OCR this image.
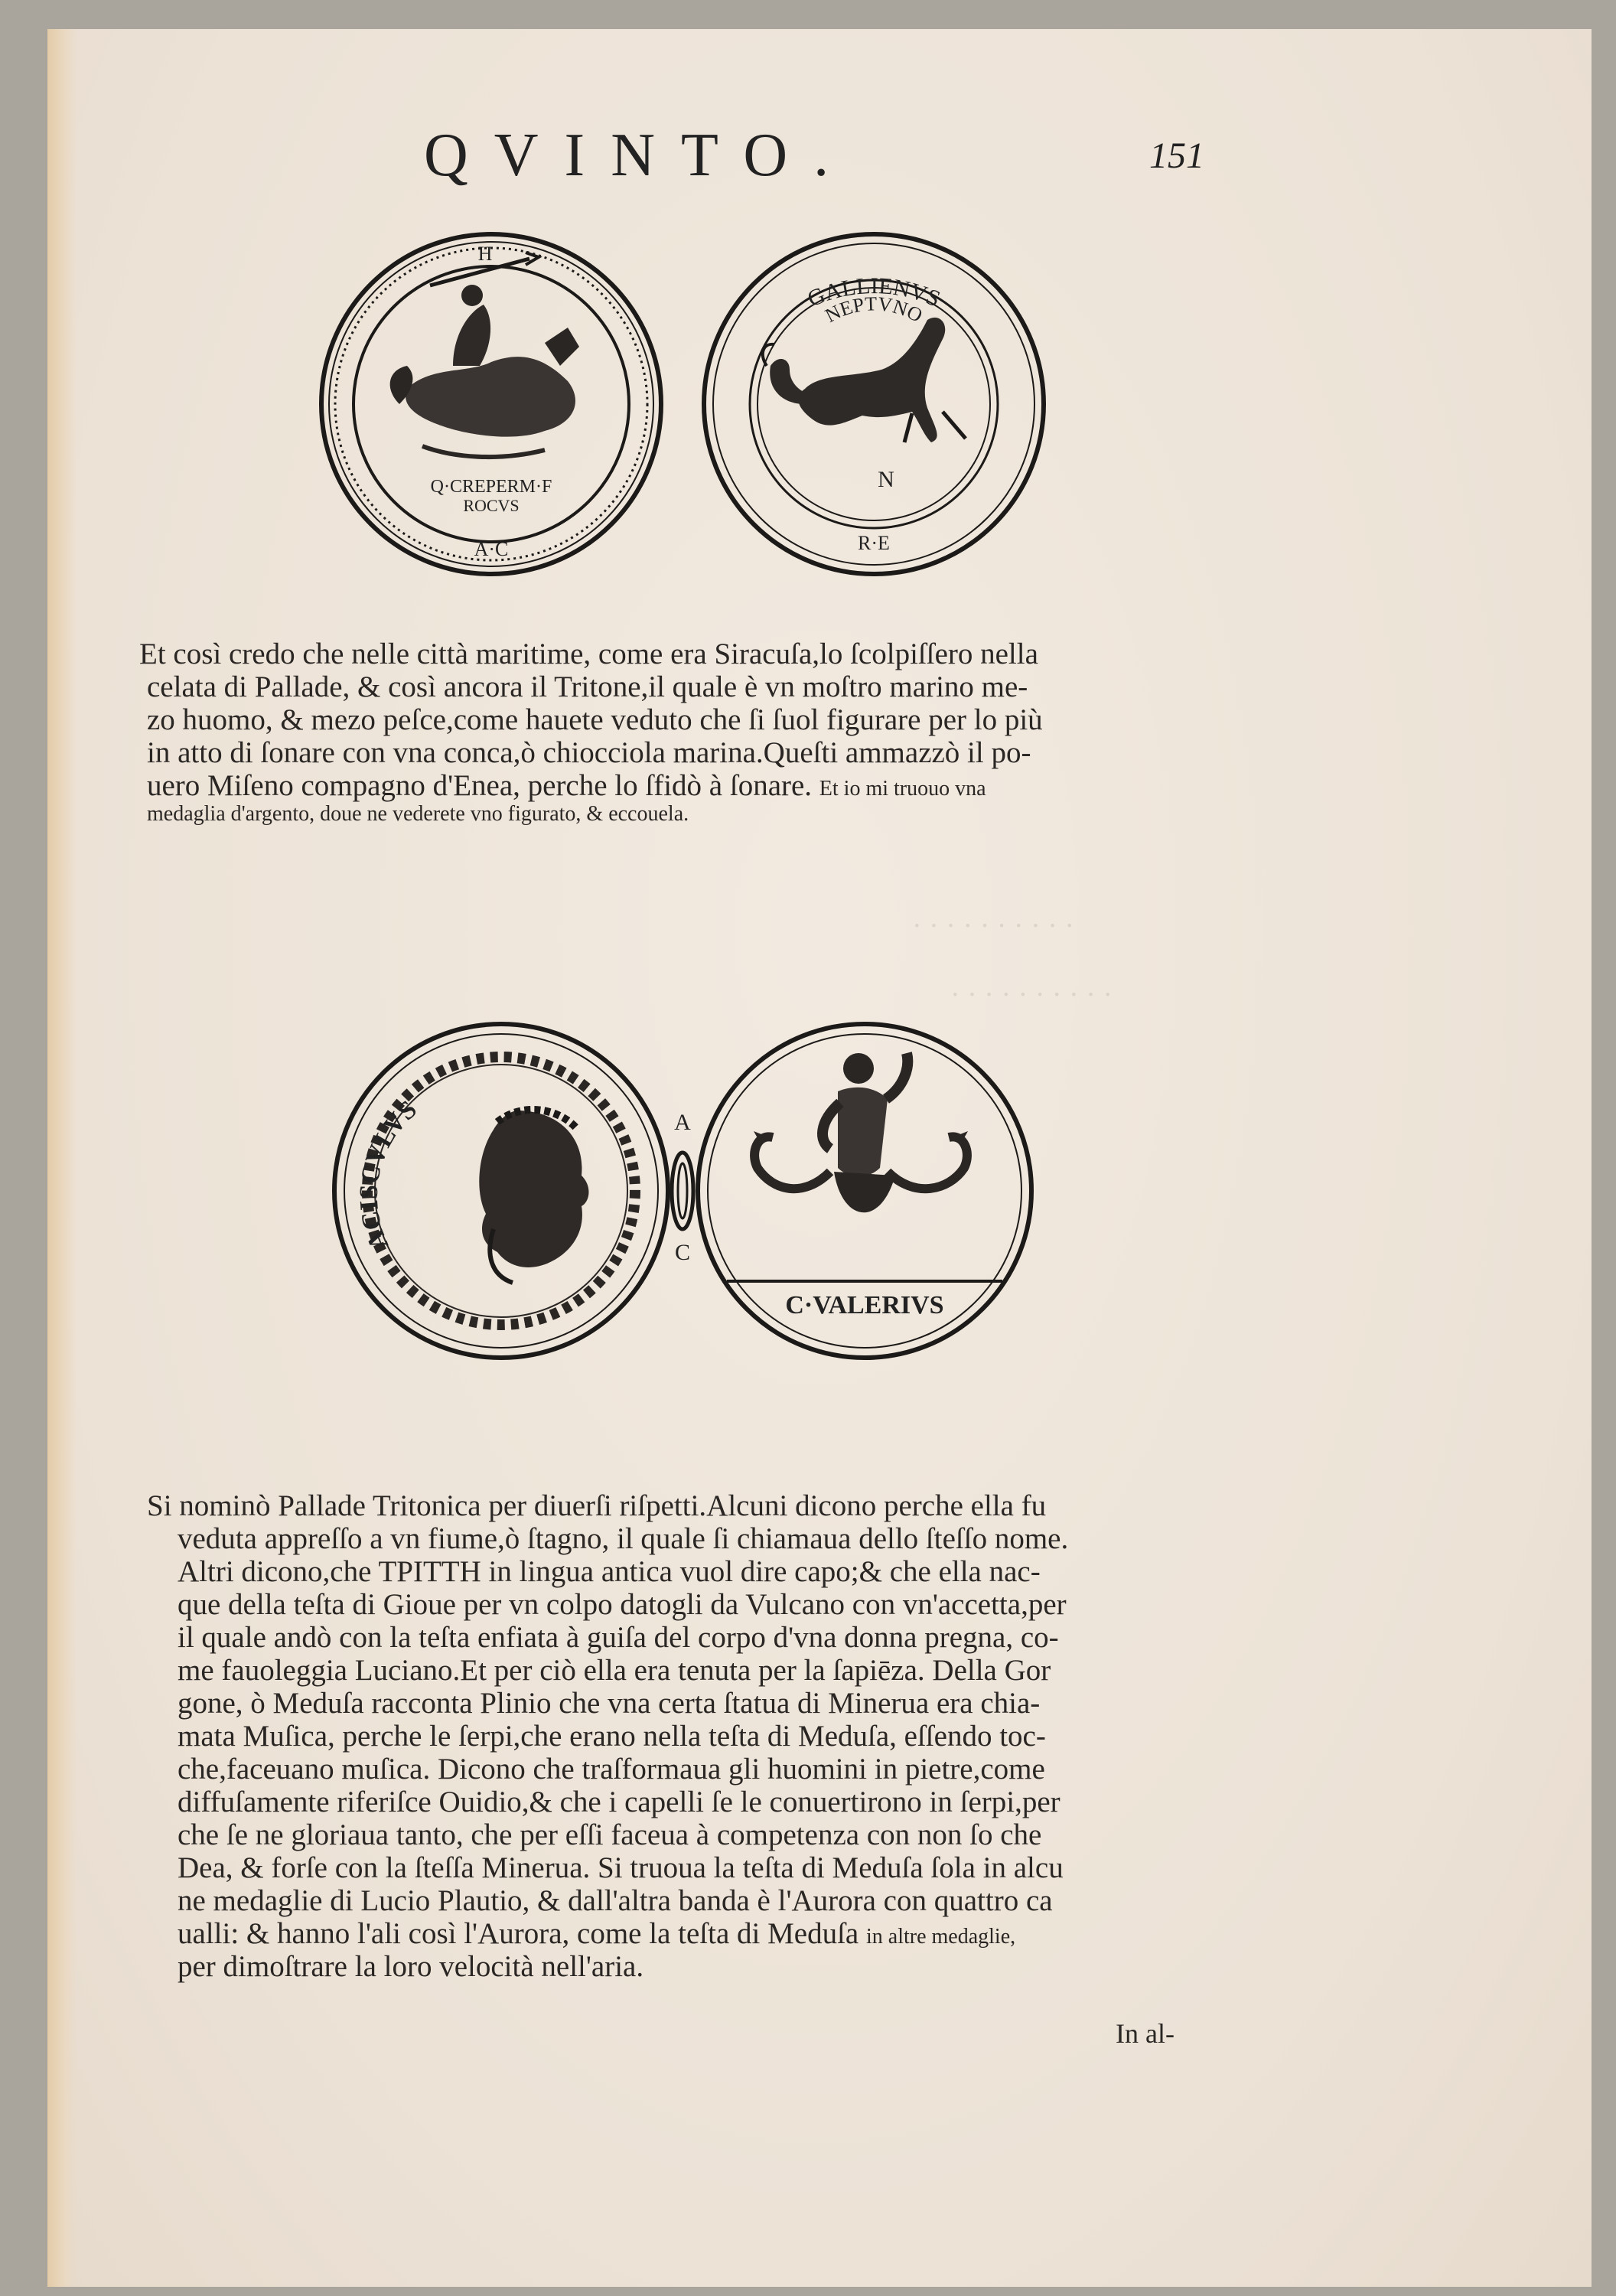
· · · · · · · · · ·
· · · · · · · · · ·
QVINTO.	151
H
Q·CREPERM·F
ROCVS
A·C
GALLIENVS
NEPTVNO
N
R·E

Et così credo che nelle città maritime, come era Siracuſa,lo ſcolpiſſero nella

celata di Pallade, & così ancora il Tritone,il quale è vn moſtro marino me-

zo huomo, & mezo peſce,come hauete veduto che ſi ſuol figurare per lo più

in atto di ſonare con vna conca,ò chiocciola marina.Queſti ammazzò il po-

uero Miſeno compagno d'Enea, perche lo ſfidò à ſonare. Et io mi truouo vna

medaglia d'argento, doue ne vederete vno figurato, & eccouela.

ACISCVLVS	A
C
C·VALERIVS

Si nominò Pallade Tritonica per diuerſi riſpetti.Alcuni dicono perche ella fu

veduta appreſſo a vn fiume,ò ſtagno, il quale ſi chiamaua dello ſteſſo nome.

Altri dicono,che TPITTH in lingua antica vuol dire capo;& che ella nac-

que della teſta di Gioue per vn colpo datogli da Vulcano con vn'accetta,per

il quale andò con la teſta enfiata à guiſa del corpo d'vna donna pregna, co-

me fauoleggia Luciano.Et per ciò ella era tenuta per la ſapiēza. Della Gor

gone, ò Meduſa racconta Plinio che vna certa ſtatua di Minerua era chia-

mata Muſica, perche le ſerpi,che erano nella teſta di Meduſa, eſſendo toc-

che,faceuano muſica. Dicono che traſformaua gli huomini in pietre,come

diffuſamente riferiſce Ouidio,& che i capelli ſe le conuertirono in ſerpi,per

che ſe ne gloriaua tanto, che per eſſi faceua à competenza con non ſo che

Dea, & forſe con la ſteſſa Minerua. Si truoua la teſta di Meduſa ſola in alcu

ne medaglie di Lucio Plautio, & dall'altra banda è l'Aurora con quattro ca

ualli: & hanno l'ali così l'Aurora, come la teſta di Meduſa in altre medaglie,

per dimoſtrare la loro velocità nell'aria.

In al-
